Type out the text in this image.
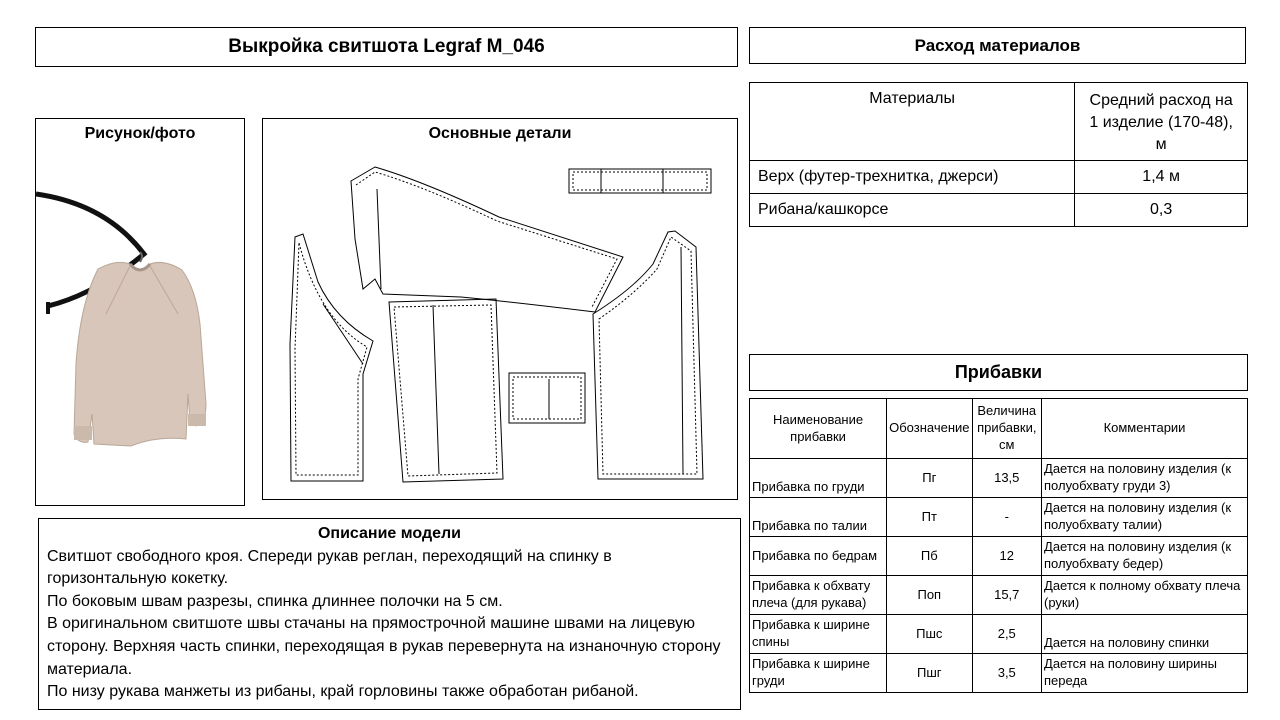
Выкройка свитшота Legraf M_046	Расход материалов
Материалы	Средний расход на 1 изделие (170-48), м
Верх (футер-трехнитка, джерси)	1,4 м
Рибана/кашкорсе	0,3
Рисунок/фото	Основные детали
Прибавки
Наименование прибавки	Обозначение	Величина прибавки, см	Комментарии
Прибавка по груди	Пг	13,5	Дается на половину изделия (к полуобхвату груди 3)
Прибавка по талии	Пт	-	Дается на половину изделия (к полуобхвату талии)
Прибавка по бедрам	Пб	12	Дается на половину изделия (к полуобхвату бедер)
Прибавка к обхвату плеча (для рукава)	Поп	15,7	Дается к полному обхвату плеча (руки)
Прибавка к ширине спины	Пшс	2,5	Дается на половину спинки
Прибавка к ширине груди	Пшг	3,5	Дается на половину ширины переда
Описание модели
Свитшот свободного кроя. Спереди рукав реглан, переходящий на спинку в горизонтальную кокетку.
По боковым швам разрезы, спинка длиннее полочки на 5 см.
В оригинальном свитшоте швы стачаны на прямострочной машине швами на лицевую сторону. Верхняя часть спинки, переходящая в рукав перевернута на изнаночную сторону материала.
По низу рукава манжеты из рибаны, край горловины также обработан рибаной.
